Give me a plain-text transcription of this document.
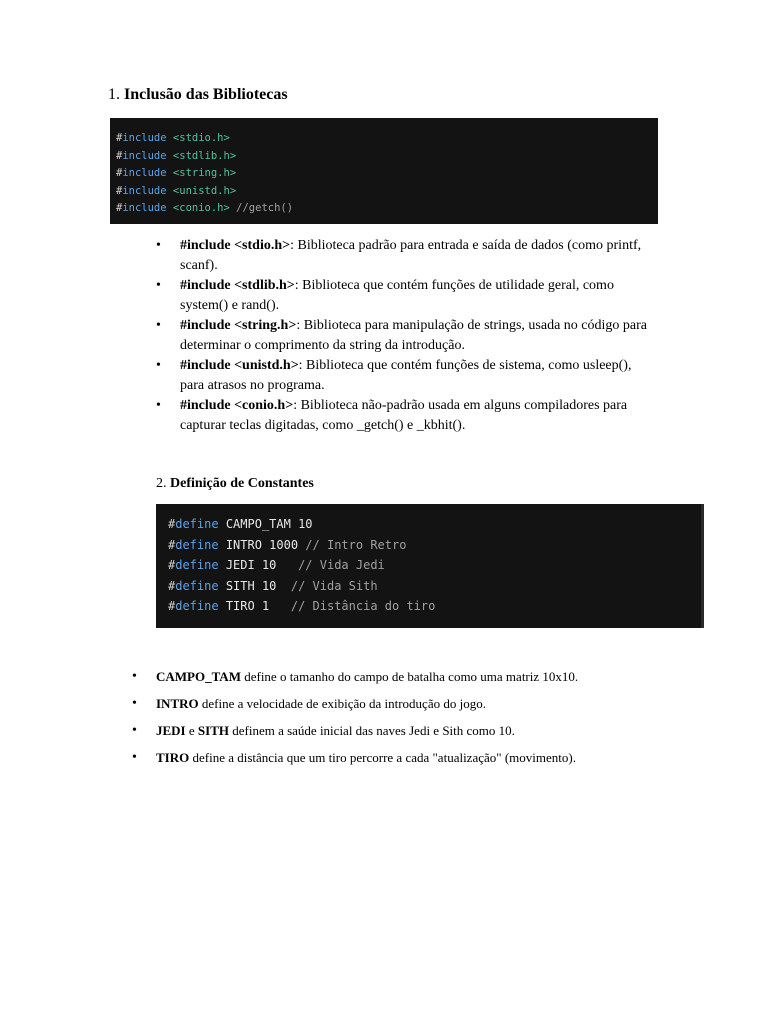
1. Inclusão das Bibliotecas
#include <stdio.h>
#include <stdlib.h>
#include <string.h>
#include <unistd.h>
#include <conio.h> //getch()
• #include <stdio.h>: Biblioteca padrão para entrada e saída de dados (como printf, scanf).
• #include <stdlib.h>: Biblioteca que contém funções de utilidade geral, como system() e rand().
• #include <string.h>: Biblioteca para manipulação de strings, usada no código para determinar o comprimento da string da introdução.
• #include <unistd.h>: Biblioteca que contém funções de sistema, como usleep(), para atrasos no programa.
• #include <conio.h>: Biblioteca não-padrão usada em alguns compiladores para capturar teclas digitadas, como _getch() e _kbhit().
2. Definição de Constantes
#define CAMPO_TAM 10
#define INTRO 1000 // Intro Retro
#define JEDI 10   // Vida Jedi
#define SITH 10  // Vida Sith
#define TIRO 1   // Distância do tiro
• CAMPO_TAM define o tamanho do campo de batalha como uma matriz 10x10.
• INTRO define a velocidade de exibição da introdução do jogo.
• JEDI e SITH definem a saúde inicial das naves Jedi e Sith como 10.
• TIRO define a distância que um tiro percorre a cada "atualização" (movimento).
